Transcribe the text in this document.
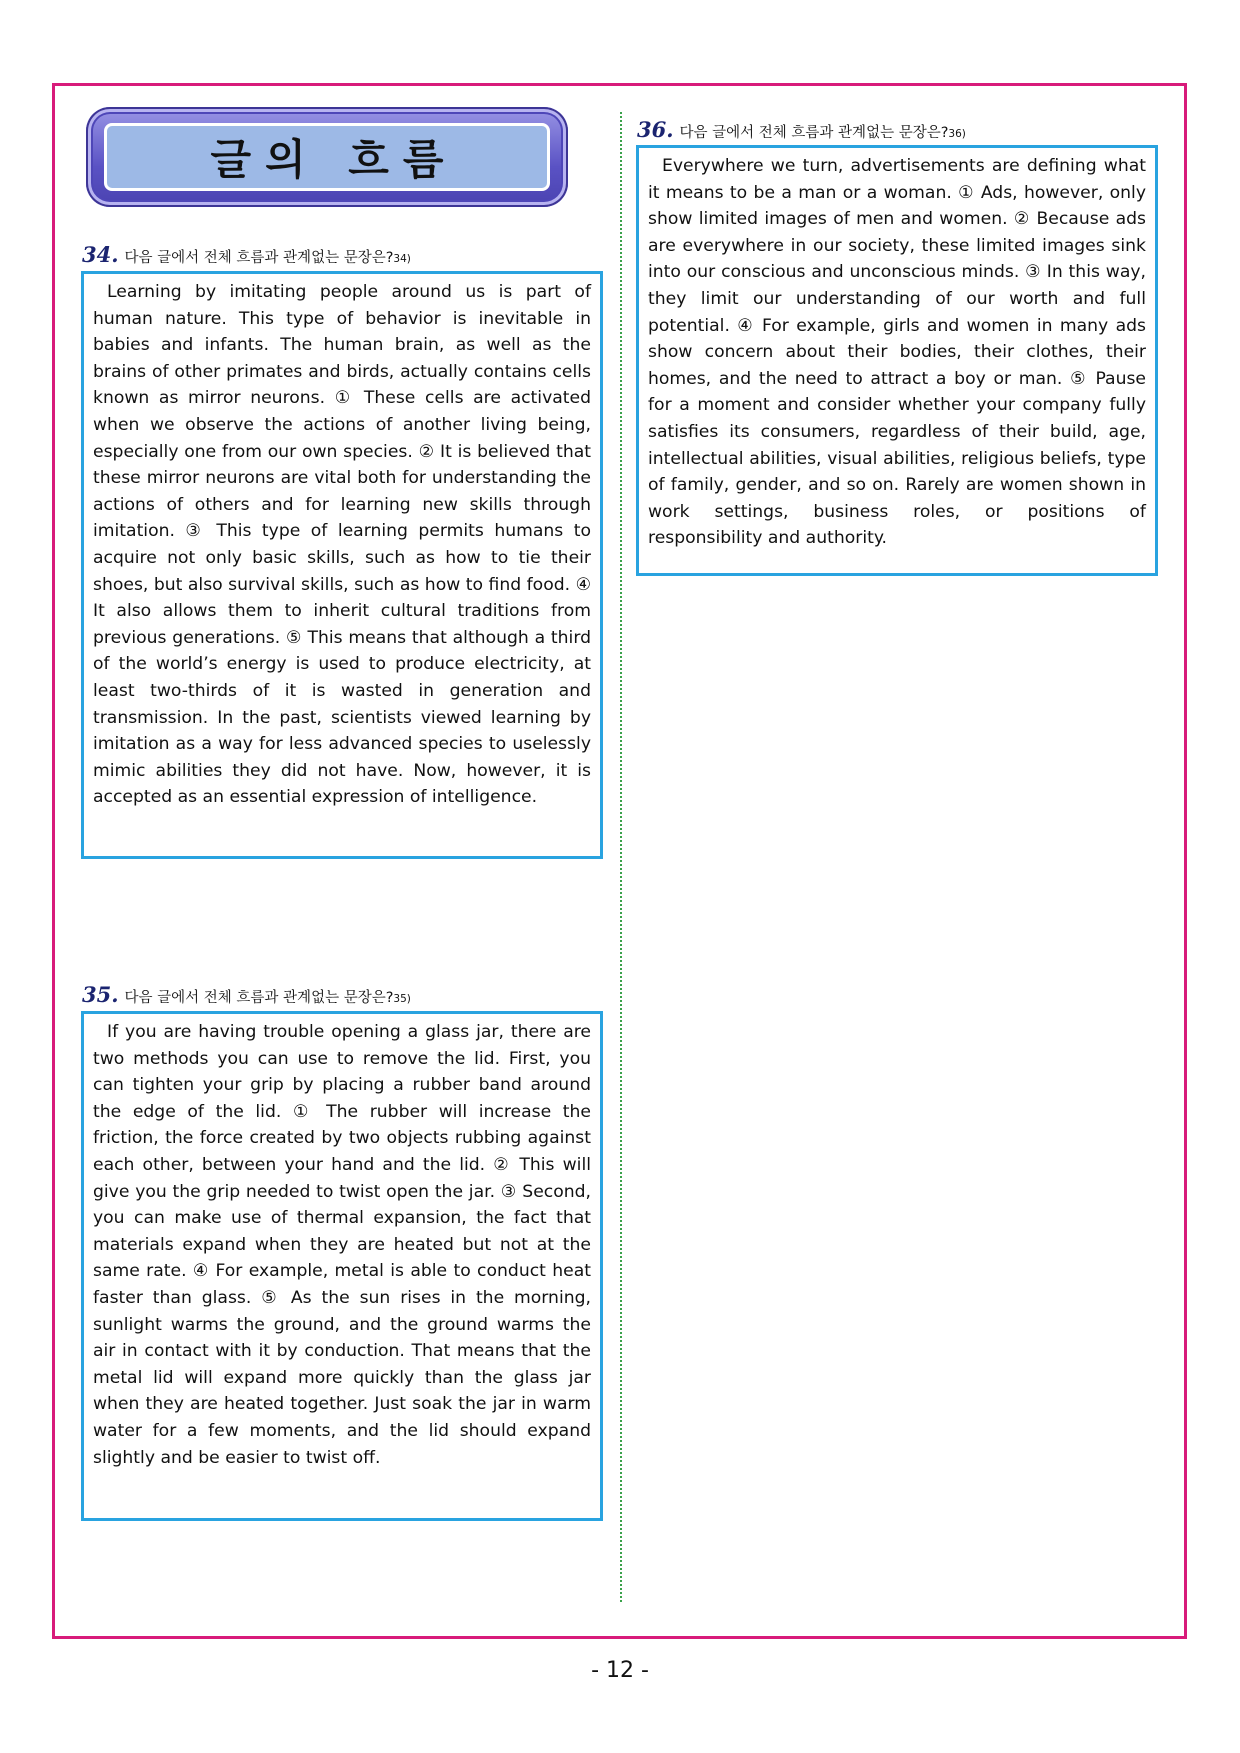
글의 흐름
34. 다음 글에서 전체 흐름과 관계없는 문장은? 34)
Learning by imitating people around us is part of human nature. This type of behavior is inevitable in babies and infants. The human brain, as well as the brains of other primates and birds, actually contains cells known as mirror neurons. ① These cells are activated when we observe the actions of another living being, especially one from our own species. ② It is believed that these mirror neurons are vital both for understanding the actions of others and for learning new skills through imitation. ③ This type of learning permits humans to acquire not only basic skills, such as how to tie their shoes, but also survival skills, such as how to find food. ④ It also allows them to inherit cultural traditions from previous generations. ⑤ This means that although a third of the world’s energy is used to produce electricity, at least two-thirds of it is wasted in generation and transmission. In the past, scientists viewed learning by imitation as a way for less advanced species to uselessly mimic abilities they did not have. Now, however, it is accepted as an essential expression of intelligence.
35. 다음 글에서 전체 흐름과 관계없는 문장은? 35)
If you are having trouble opening a glass jar, there are two methods you can use to remove the lid. First, you can tighten your grip by placing a rubber band around the edge of the lid. ① The rubber will increase the friction, the force created by two objects rubbing against each other, between your hand and the lid. ② This will give you the grip needed to twist open the jar. ③ Second, you can make use of thermal expansion, the fact that materials expand when they are heated but not at the same rate. ④ For example, metal is able to conduct heat faster than glass. ⑤ As the sun rises in the morning, sunlight warms the ground, and the ground warms the air in contact with it by conduction. That means that the metal lid will expand more quickly than the glass jar when they are heated together. Just soak the jar in warm water for a few moments, and the lid should expand slightly and be easier to twist off.
36. 다음 글에서 전체 흐름과 관계없는 문장은? 36)
Everywhere we turn, advertisements are defining what it means to be a man or a woman. ① Ads, however, only show limited images of men and women. ② Because ads are everywhere in our society, these limited images sink into our conscious and unconscious minds. ③ In this way, they limit our understanding of our worth and full potential. ④ For example, girls and women in many ads show concern about their bodies, their clothes, their homes, and the need to attract a boy or man. ⑤ Pause for a moment and consider whether your company fully satisfies its consumers, regardless of their build, age, intellectual abilities, visual abilities, religious beliefs, type of family, gender, and so on. Rarely are women shown in work settings, business roles, or positions of responsibility and authority.
- 12 -
